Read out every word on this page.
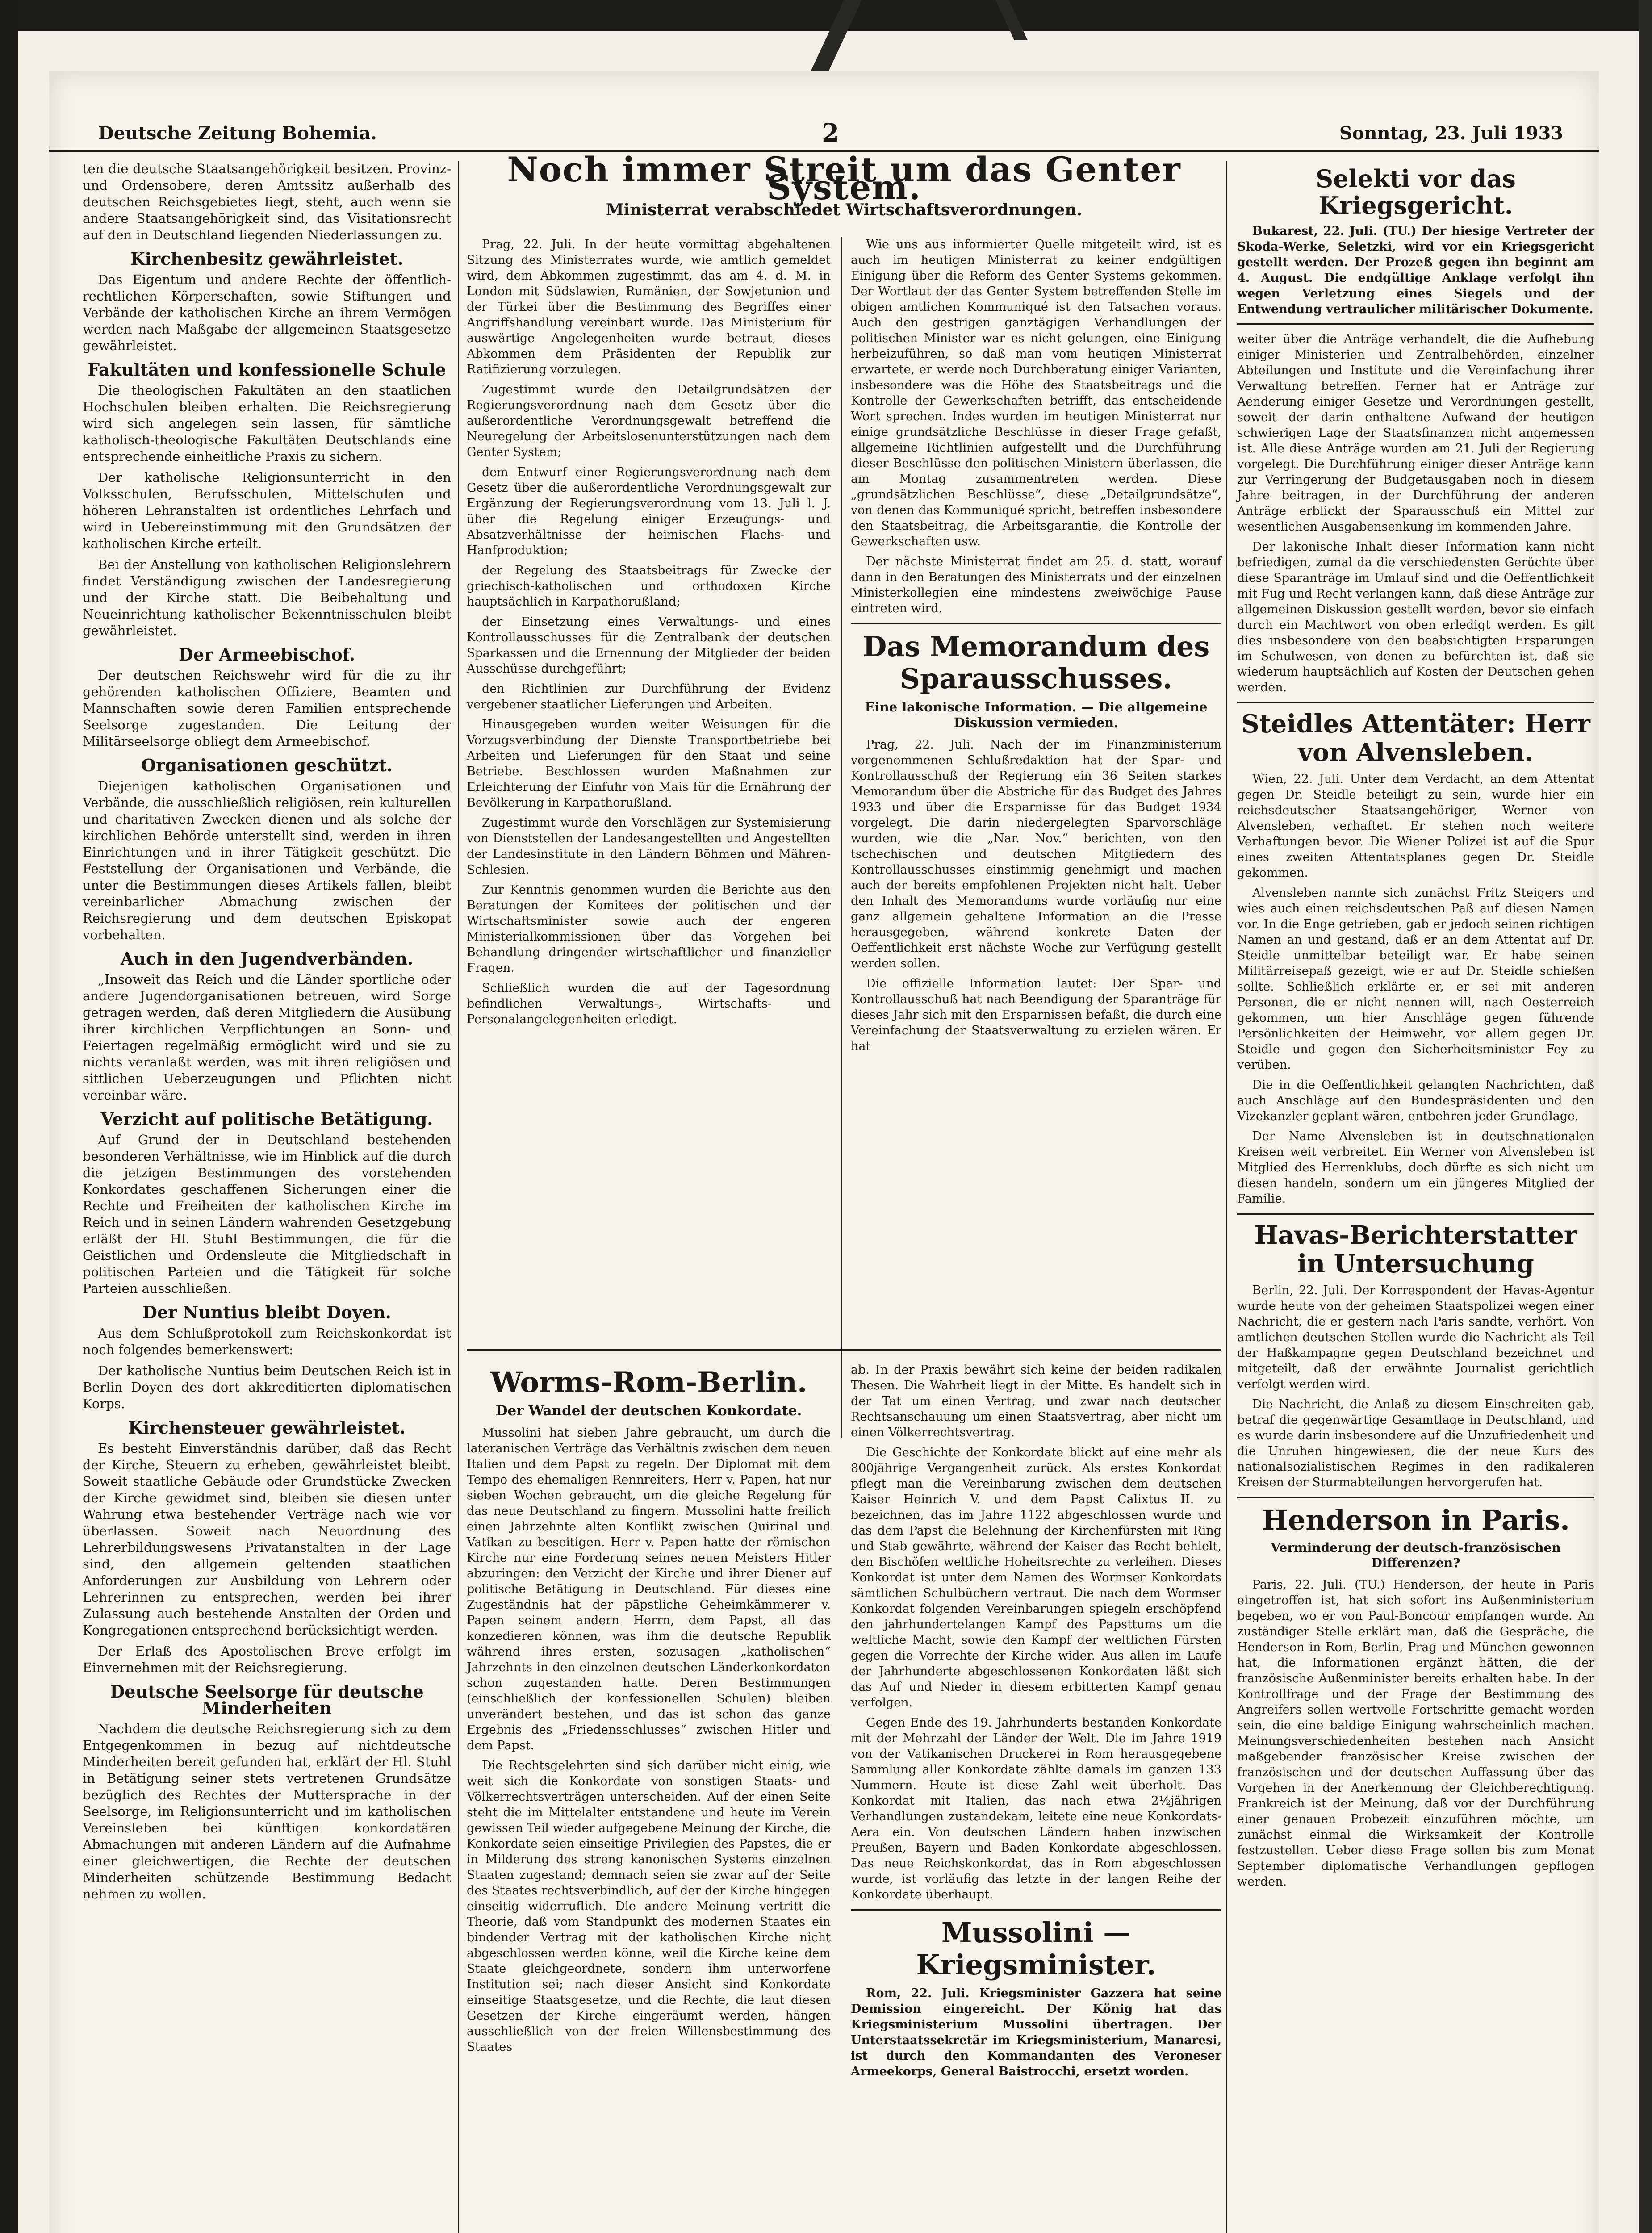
Deutsche Zeitung Bohemia.	2	Sonntag, 23. Juli 1933

ten die deutsche Staatsangehörigkeit besitzen. Provinz- und Ordensobere, deren Amtssitz außerhalb des deutschen Reichsgebietes liegt, steht, auch wenn sie andere Staatsangehörigkeit sind, das Visitationsrecht auf den in Deutschland liegenden Niederlassungen zu.

Kirchenbesitz gewährleistet.

Das Eigentum und andere Rechte der öffentlich-rechtlichen Körperschaften, sowie Stiftungen und Verbände der katholischen Kirche an ihrem Vermögen werden nach Maßgabe der allgemeinen Staatsgesetze gewährleistet.

Fakultäten und konfessionelle Schule

Die theologischen Fakultäten an den staatlichen Hochschulen bleiben erhalten. Die Reichsregierung wird sich angelegen sein lassen, für sämtliche katholisch-theologische Fakultäten Deutschlands eine entsprechende einheitliche Praxis zu sichern.

Der katholische Religionsunterricht in den Volksschulen, Berufsschulen, Mittelschulen und höheren Lehranstalten ist ordentliches Lehrfach und wird in Uebereinstimmung mit den Grundsätzen der katholischen Kirche erteilt.

Bei der Anstellung von katholischen Religionslehrern findet Verständigung zwischen der Landesregierung und der Kirche statt. Die Beibehaltung und Neueinrichtung katholischer Bekenntnisschulen bleibt gewährleistet.

Der Armeebischof.

Der deutschen Reichswehr wird für die zu ihr gehörenden katholischen Offiziere, Beamten und Mannschaften sowie deren Familien entsprechende Seelsorge zugestanden. Die Leitung der Militärseelsorge obliegt dem Armeebischof.

Organisationen geschützt.

Diejenigen katholischen Organisationen und Verbände, die ausschließlich religiösen, rein kulturellen und charitativen Zwecken dienen und als solche der kirchlichen Behörde unterstellt sind, werden in ihren Einrichtungen und in ihrer Tätigkeit geschützt. Die Feststellung der Organisationen und Verbände, die unter die Bestimmungen dieses Artikels fallen, bleibt vereinbarlicher Abmachung zwischen der Reichsregierung und dem deutschen Episkopat vorbehalten.

Auch in den Jugendverbänden.

„Insoweit das Reich und die Länder sportliche oder andere Jugendorganisationen betreuen, wird Sorge getragen werden, daß deren Mitgliedern die Ausübung ihrer kirchlichen Verpflichtungen an Sonn- und Feiertagen regelmäßig ermöglicht wird und sie zu nichts veranlaßt werden, was mit ihren religiösen und sittlichen Ueberzeugungen und Pflichten nicht vereinbar wäre.

Verzicht auf politische Betätigung.

Auf Grund der in Deutschland bestehenden besonderen Verhältnisse, wie im Hinblick auf die durch die jetzigen Bestimmungen des vorstehenden Konkordates geschaffenen Sicherungen einer die Rechte und Freiheiten der katholischen Kirche im Reich und in seinen Ländern wahrenden Gesetzgebung erläßt der Hl. Stuhl Bestimmungen, die für die Geistlichen und Ordensleute die Mitgliedschaft in politischen Parteien und die Tätigkeit für solche Parteien ausschließen.

Der Nuntius bleibt Doyen.

Aus dem Schlußprotokoll zum Reichskonkordat ist noch folgendes bemerkenswert:

Der katholische Nuntius beim Deutschen Reich ist in Berlin Doyen des dort akkreditierten diplomatischen Korps.

Kirchensteuer gewährleistet.

Es besteht Einverständnis darüber, daß das Recht der Kirche, Steuern zu erheben, gewährleistet bleibt. Soweit staatliche Gebäude oder Grundstücke Zwecken der Kirche gewidmet sind, bleiben sie diesen unter Wahrung etwa bestehender Verträge nach wie vor überlassen. Soweit nach Neuordnung des Lehrerbildungswesens Privatanstalten in der Lage sind, den allgemein geltenden staatlichen Anforderungen zur Ausbildung von Lehrern oder Lehrerinnen zu entsprechen, werden bei ihrer Zulassung auch bestehende Anstalten der Orden und Kongregationen entsprechend berücksichtigt werden.

Der Erlaß des Apostolischen Breve erfolgt im Einvernehmen mit der Reichsregierung.

Deutsche Seelsorge für deutsche Minderheiten

Nachdem die deutsche Reichsregierung sich zu dem Entgegenkommen in bezug auf nichtdeutsche Minderheiten bereit gefunden hat, erklärt der Hl. Stuhl in Betätigung seiner stets vertretenen Grundsätze bezüglich des Rechtes der Muttersprache in der Seelsorge, im Religionsunterricht und im katholischen Vereinsleben bei künftigen konkordatären Abmachungen mit anderen Ländern auf die Aufnahme einer gleichwertigen, die Rechte der deutschen Minderheiten schützende Bestimmung Bedacht nehmen zu wollen.

Noch immer Streit um das Genter System.
Ministerrat verabschiedet Wirtschaftsverordnungen.

Prag, 22. Juli. In der heute vormittag abgehaltenen Sitzung des Ministerrates wurde, wie amtlich gemeldet wird, dem Abkommen zugestimmt, das am 4. d. M. in London mit Südslawien, Rumänien, der Sowjetunion und der Türkei über die Bestimmung des Begriffes einer Angriffshandlung vereinbart wurde. Das Ministerium für auswärtige Angelegenheiten wurde betraut, dieses Abkommen dem Präsidenten der Republik zur Ratifizierung vorzulegen.

Zugestimmt wurde den Detailgrundsätzen der Regierungsverordnung nach dem Gesetz über die außerordentliche Verordnungsgewalt betreffend die Neuregelung der Arbeitslosenunterstützungen nach dem Genter System;

dem Entwurf einer Regierungsverordnung nach dem Gesetz über die außerordentliche Verordnungsgewalt zur Ergänzung der Regierungsverordnung vom 13. Juli l. J. über die Regelung einiger Erzeugungs- und Absatzverhältnisse der heimischen Flachs- und Hanfproduktion;

der Regelung des Staatsbeitrags für Zwecke der griechisch-katholischen und orthodoxen Kirche hauptsächlich in Karpathorußland;

der Einsetzung eines Verwaltungs- und eines Kontrollausschusses für die Zentralbank der deutschen Sparkassen und die Ernennung der Mitglieder der beiden Ausschüsse durchgeführt;

den Richtlinien zur Durchführung der Evidenz vergebener staatlicher Lieferungen und Arbeiten.

Hinausgegeben wurden weiter Weisungen für die Vorzugsverbindung der Dienste Transportbetriebe bei Arbeiten und Lieferungen für den Staat und seine Betriebe. Beschlossen wurden Maßnahmen zur Erleichterung der Einfuhr von Mais für die Ernährung der Bevölkerung in Karpathorußland.

Zugestimmt wurde den Vorschlägen zur Systemisierung von Dienststellen der Landesangestellten und Angestellten der Landesinstitute in den Ländern Böhmen und Mähren-Schlesien.

Zur Kenntnis genommen wurden die Berichte aus den Beratungen der Komitees der politischen und der Wirtschaftsminister sowie auch der engeren Ministerialkommissionen über das Vorgehen bei Behandlung dringender wirtschaftlicher und finanzieller Fragen.

Schließlich wurden die auf der Tagesordnung befindlichen Verwaltungs-, Wirtschafts- und Personalangelegenheiten erledigt.

Wie uns aus informierter Quelle mitgeteilt wird, ist es auch im heutigen Ministerrat zu keiner endgültigen Einigung über die Reform des Genter Systems gekommen. Der Wortlaut der das Genter System betreffenden Stelle im obigen amtlichen Kommuniqué ist den Tatsachen voraus. Auch den gestrigen ganztägigen Verhandlungen der politischen Minister war es nicht gelungen, eine Einigung herbeizuführen, so daß man vom heutigen Ministerrat erwartete, er werde noch Durchberatung einiger Varianten, insbesondere was die Höhe des Staatsbeitrags und die Kontrolle der Gewerkschaften betrifft, das entscheidende Wort sprechen. Indes wurden im heutigen Ministerrat nur einige grundsätzliche Beschlüsse in dieser Frage gefaßt, allgemeine Richtlinien aufgestellt und die Durchführung dieser Beschlüsse den politischen Ministern überlassen, die am Montag zusammentreten werden. Diese „grundsätzlichen Beschlüsse“, diese „Detailgrundsätze“, von denen das Kommuniqué spricht, betreffen insbesondere den Staatsbeitrag, die Arbeitsgarantie, die Kontrolle der Gewerkschaften usw.

Der nächste Ministerrat findet am 25. d. statt, worauf dann in den Beratungen des Ministerrats und der einzelnen Ministerkollegien eine mindestens zweiwöchige Pause eintreten wird.

Das Memorandum des Sparausschusses.
Eine lakonische Information. — Die allgemeine Diskussion vermieden.

Prag, 22. Juli. Nach der im Finanzministerium vorgenommenen Schlußredaktion hat der Spar- und Kontrollausschuß der Regierung ein 36 Seiten starkes Memorandum über die Abstriche für das Budget des Jahres 1933 und über die Ersparnisse für das Budget 1934 vorgelegt. Die darin niedergelegten Sparvorschläge wurden, wie die „Nar. Nov.“ berichten, von den tschechischen und deutschen Mitgliedern des Kontrollausschusses einstimmig genehmigt und machen auch der bereits empfohlenen Projekten nicht halt. Ueber den Inhalt des Memorandums wurde vorläufig nur eine ganz allgemein gehaltene Information an die Presse herausgegeben, während konkrete Daten der Oeffentlichkeit erst nächste Woche zur Verfügung gestellt werden sollen.

Die offizielle Information lautet: Der Spar- und Kontrollausschuß hat nach Beendigung der Sparanträge für dieses Jahr sich mit den Ersparnissen befaßt, die durch eine Vereinfachung der Staatsverwaltung zu erzielen wären. Er hat

Worms-Rom-Berlin.
Der Wandel der deutschen Konkordate.

Mussolini hat sieben Jahre gebraucht, um durch die lateranischen Verträge das Verhältnis zwischen dem neuen Italien und dem Papst zu regeln. Der Diplomat mit dem Tempo des ehemaligen Rennreiters, Herr v. Papen, hat nur sieben Wochen gebraucht, um die gleiche Regelung für das neue Deutschland zu fingern. Mussolini hatte freilich einen Jahrzehnte alten Konflikt zwischen Quirinal und Vatikan zu beseitigen. Herr v. Papen hatte der römischen Kirche nur eine Forderung seines neuen Meisters Hitler abzuringen: den Verzicht der Kirche und ihrer Diener auf politische Betätigung in Deutschland. Für dieses eine Zugeständnis hat der päpstliche Geheimkämmerer v. Papen seinem andern Herrn, dem Papst, all das konzedieren können, was ihm die deutsche Republik während ihres ersten, sozusagen „katholischen“ Jahrzehnts in den einzelnen deutschen Länderkonkordaten schon zugestanden hatte. Deren Bestimmungen (einschließlich der konfessionellen Schulen) bleiben unverändert bestehen, und das ist schon das ganze Ergebnis des „Friedensschlusses“ zwischen Hitler und dem Papst.

Die Rechtsgelehrten sind sich darüber nicht einig, wie weit sich die Konkordate von sonstigen Staats- und Völkerrechtsverträgen unterscheiden. Auf der einen Seite steht die im Mittelalter entstandene und heute im Verein gewissen Teil wieder aufgegebene Meinung der Kirche, die Konkordate seien einseitige Privilegien des Papstes, die er in Milderung des streng kanonischen Systems einzelnen Staaten zugestand; demnach seien sie zwar auf der Seite des Staates rechtsverbindlich, auf der der Kirche hingegen einseitig widerruflich. Die andere Meinung vertritt die Theorie, daß vom Standpunkt des modernen Staates ein bindender Vertrag mit der katholischen Kirche nicht abgeschlossen werden könne, weil die Kirche keine dem Staate gleichgeordnete, sondern ihm unterworfene Institution sei; nach dieser Ansicht sind Konkordate einseitige Staatsgesetze, und die Rechte, die laut diesen Gesetzen der Kirche eingeräumt werden, hängen ausschließlich von der freien Willensbestimmung des Staates

ab. In der Praxis bewährt sich keine der beiden radikalen Thesen. Die Wahrheit liegt in der Mitte. Es handelt sich in der Tat um einen Vertrag, und zwar nach deutscher Rechtsanschauung um einen Staatsvertrag, aber nicht um einen Völkerrechtsvertrag.

Die Geschichte der Konkordate blickt auf eine mehr als 800jährige Vergangenheit zurück. Als erstes Konkordat pflegt man die Vereinbarung zwischen dem deutschen Kaiser Heinrich V. und dem Papst Calixtus II. zu bezeichnen, das im Jahre 1122 abgeschlossen wurde und das dem Papst die Belehnung der Kirchenfürsten mit Ring und Stab gewährte, während der Kaiser das Recht behielt, den Bischöfen weltliche Hoheitsrechte zu verleihen. Dieses Konkordat ist unter dem Namen des Wormser Konkordats sämtlichen Schulbüchern vertraut. Die nach dem Wormser Konkordat folgenden Vereinbarungen spiegeln erschöpfend den jahrhundertelangen Kampf des Papsttums um die weltliche Macht, sowie den Kampf der weltlichen Fürsten gegen die Vorrechte der Kirche wider. Aus allen im Laufe der Jahrhunderte abgeschlossenen Konkordaten läßt sich das Auf und Nieder in diesem erbitterten Kampf genau verfolgen.

Gegen Ende des 19. Jahrhunderts bestanden Konkordate mit der Mehrzahl der Länder der Welt. Die im Jahre 1919 von der Vatikanischen Druckerei in Rom herausgegebene Sammlung aller Konkordate zählte damals im ganzen 133 Nummern. Heute ist diese Zahl weit überholt. Das Konkordat mit Italien, das nach etwa 2½jährigen Verhandlungen zustandekam, leitete eine neue Konkordats-Aera ein. Von deutschen Ländern haben inzwischen Preußen, Bayern und Baden Konkordate abgeschlossen. Das neue Reichskonkordat, das in Rom abgeschlossen wurde, ist vorläufig das letzte in der langen Reihe der Konkordate überhaupt.

Mussolini — Kriegsminister.

Rom, 22. Juli. Kriegsminister Gazzera hat seine Demission eingereicht. Der König hat das Kriegsministerium Mussolini übertragen. Der Unterstaatssekretär im Kriegsministerium, Manaresi, ist durch den Kommandanten des Veroneser Armeekorps, General Baistrocchi, ersetzt worden.

Selekti vor das Kriegsgericht.

Bukarest, 22. Juli. (TU.) Der hiesige Vertreter der Skoda-Werke, Seletzki, wird vor ein Kriegsgericht gestellt werden. Der Prozeß gegen ihn beginnt am 4. August. Die endgültige Anklage verfolgt ihn wegen Verletzung eines Siegels und der Entwendung vertraulicher militärischer Dokumente.

weiter über die Anträge verhandelt, die die Aufhebung einiger Ministerien und Zentralbehörden, einzelner Abteilungen und Institute und die Vereinfachung ihrer Verwaltung betreffen. Ferner hat er Anträge zur Aenderung einiger Gesetze und Verordnungen gestellt, soweit der darin enthaltene Aufwand der heutigen schwierigen Lage der Staatsfinanzen nicht angemessen ist. Alle diese Anträge wurden am 21. Juli der Regierung vorgelegt. Die Durchführung einiger dieser Anträge kann zur Verringerung der Budgetausgaben noch in diesem Jahre beitragen, in der Durchführung der anderen Anträge erblickt der Sparausschuß ein Mittel zur wesentlichen Ausgabensenkung im kommenden Jahre.

Der lakonische Inhalt dieser Information kann nicht befriedigen, zumal da die verschiedensten Gerüchte über diese Sparanträge im Umlauf sind und die Oeffentlichkeit mit Fug und Recht verlangen kann, daß diese Anträge zur allgemeinen Diskussion gestellt werden, bevor sie einfach durch ein Machtwort von oben erledigt werden. Es gilt dies insbesondere von den beabsichtigten Ersparungen im Schulwesen, von denen zu befürchten ist, daß sie wiederum hauptsächlich auf Kosten der Deutschen gehen werden.

Steidles Attentäter: Herr von Alvensleben.

Wien, 22. Juli. Unter dem Verdacht, an dem Attentat gegen Dr. Steidle beteiligt zu sein, wurde hier ein reichsdeutscher Staatsangehöriger, Werner von Alvensleben, verhaftet. Er stehen noch weitere Verhaftungen bevor. Die Wiener Polizei ist auf die Spur eines zweiten Attentatsplanes gegen Dr. Steidle gekommen.

Alvensleben nannte sich zunächst Fritz Steigers und wies auch einen reichsdeutschen Paß auf diesen Namen vor. In die Enge getrieben, gab er jedoch seinen richtigen Namen an und gestand, daß er an dem Attentat auf Dr. Steidle unmittelbar beteiligt war. Er habe seinen Militärreisepaß gezeigt, wie er auf Dr. Steidle schießen sollte. Schließlich erklärte er, er sei mit anderen Personen, die er nicht nennen will, nach Oesterreich gekommen, um hier Anschläge gegen führende Persönlichkeiten der Heimwehr, vor allem gegen Dr. Steidle und gegen den Sicherheitsminister Fey zu verüben.

Die in die Oeffentlichkeit gelangten Nachrichten, daß auch Anschläge auf den Bundespräsidenten und den Vizekanzler geplant wären, entbehren jeder Grundlage.

Der Name Alvensleben ist in deutschnationalen Kreisen weit verbreitet. Ein Werner von Alvensleben ist Mitglied des Herrenklubs, doch dürfte es sich nicht um diesen handeln, sondern um ein jüngeres Mitglied der Familie.

Havas-Berichterstatter in Untersuchung

Berlin, 22. Juli. Der Korrespondent der Havas-Agentur wurde heute von der geheimen Staatspolizei wegen einer Nachricht, die er gestern nach Paris sandte, verhört. Von amtlichen deutschen Stellen wurde die Nachricht als Teil der Haßkampagne gegen Deutschland bezeichnet und mitgeteilt, daß der erwähnte Journalist gerichtlich verfolgt werden wird.

Die Nachricht, die Anlaß zu diesem Einschreiten gab, betraf die gegenwärtige Gesamtlage in Deutschland, und es wurde darin insbesondere auf die Unzufriedenheit und die Unruhen hingewiesen, die der neue Kurs des nationalsozialistischen Regimes in den radikaleren Kreisen der Sturmabteilungen hervorgerufen hat.

Henderson in Paris.
Verminderung der deutsch-französischen Differenzen?

Paris, 22. Juli. (TU.) Henderson, der heute in Paris eingetroffen ist, hat sich sofort ins Außenministerium begeben, wo er von Paul-Boncour empfangen wurde. An zuständiger Stelle erklärt man, daß die Gespräche, die Henderson in Rom, Berlin, Prag und München gewonnen hat, die Informationen ergänzt hätten, die der französische Außenminister bereits erhalten habe. In der Kontrollfrage und der Frage der Bestimmung des Angreifers sollen wertvolle Fortschritte gemacht worden sein, die eine baldige Einigung wahrscheinlich machen. Meinungsverschiedenheiten bestehen nach Ansicht maßgebender französischer Kreise zwischen der französischen und der deutschen Auffassung über das Vorgehen in der Anerkennung der Gleichberechtigung. Frankreich ist der Meinung, daß vor der Durchführung einer genauen Probezeit einzuführen möchte, um zunächst einmal die Wirksamkeit der Kontrolle festzustellen. Ueber diese Frage sollen bis zum Monat September diplomatische Verhandlungen gepflogen werden.
